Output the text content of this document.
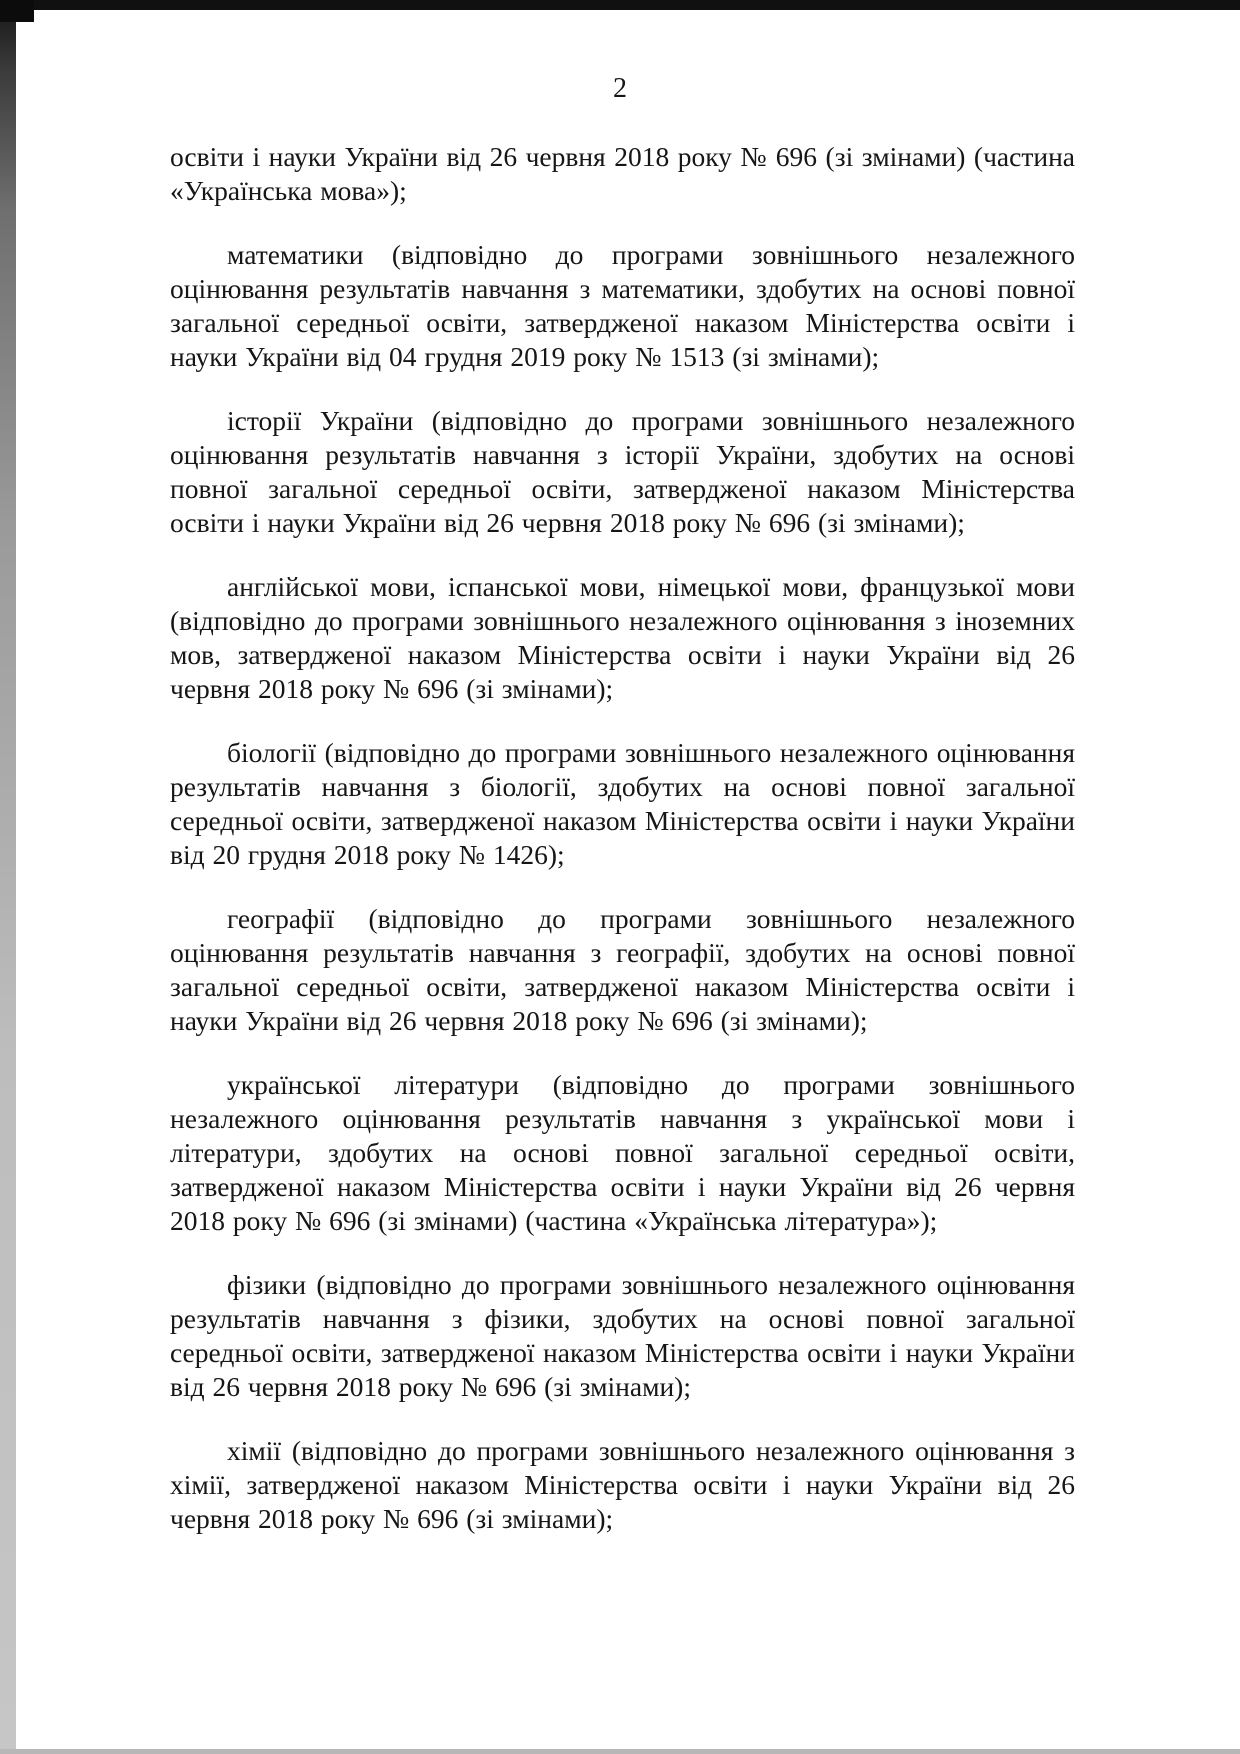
2

освіти і науки України від 26 червня 2018 року № 696 (зі змінами) (частина «Українська мова»);

математики (відповідно до програми зовнішнього незалежного оцінювання результатів навчання з математики, здобутих на основі повної загальної середньої освіти, затвердженої наказом Міністерства освіти і науки України від 04 грудня 2019 року № 1513 (зі змінами);

історії України (відповідно до програми зовнішнього незалежного оцінювання результатів навчання з історії України, здобутих на основі повної загальної середньої освіти, затвердженої наказом Міністерства освіти і науки України від 26 червня 2018 року № 696 (зі змінами);

англійської мови, іспанської мови, німецької мови, французької мови (відповідно до програми зовнішнього незалежного оцінювання з іноземних мов, затвердженої наказом Міністерства освіти і науки України від 26 червня 2018 року № 696 (зі змінами);

біології (відповідно до програми зовнішнього незалежного оцінювання результатів навчання з біології, здобутих на основі повної загальної середньої освіти, затвердженої наказом Міністерства освіти і науки України від 20 грудня 2018 року № 1426);

географії (відповідно до програми зовнішнього незалежного оцінювання результатів навчання з географії, здобутих на основі повної загальної середньої освіти, затвердженої наказом Міністерства освіти і науки України від 26 червня 2018 року № 696 (зі змінами);

української літератури (відповідно до програми зовнішнього незалежного оцінювання результатів навчання з української мови і літератури, здобутих на основі повної загальної середньої освіти, затвердженої наказом Міністерства освіти і науки України від 26 червня 2018 року № 696 (зі змінами) (частина «Українська література»);

фізики (відповідно до програми зовнішнього незалежного оцінювання результатів навчання з фізики, здобутих на основі повної загальної середньої освіти, затвердженої наказом Міністерства освіти і науки України від 26 червня 2018 року № 696 (зі змінами);

хімії (відповідно до програми зовнішнього незалежного оцінювання з хімії, затвердженої наказом Міністерства освіти і науки України від 26 червня 2018 року № 696 (зі змінами);
